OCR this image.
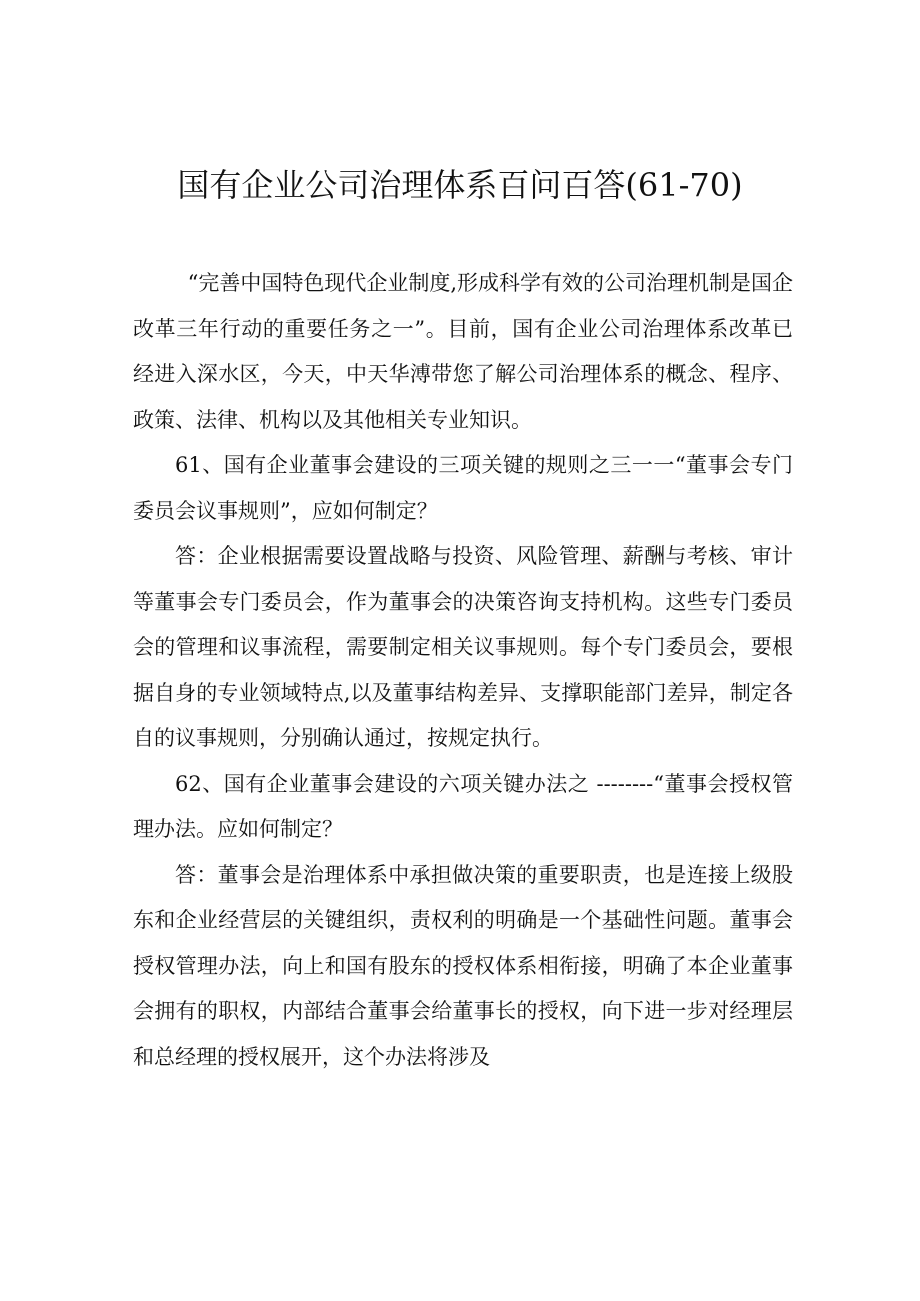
国有企业公司治理体系百问百答(61-70)

“完善中国特色现代企业制度,形成科学有效的公司治理机制是国企改革三年行动的重要任务之一”。目前，国有企业公司治理体系改革已经进入深水区，今天，中天华溥带您了解公司治理体系的概念、程序、政策、法律、机构以及其他相关专业知识。

61、国有企业董事会建设的三项关键的规则之三一一“董事会专门委员会议事规则”，应如何制定？

答：企业根据需要设置战略与投资、风险管理、薪酬与考核、审计等董事会专门委员会，作为董事会的决策咨询支持机构。这些专门委员会的管理和议事流程，需要制定相关议事规则。每个专门委员会，要根据自身的专业领域特点,以及董事结构差异、支撑职能部门差异，制定各自的议事规则，分别确认通过，按规定执行。

62、国有企业董事会建设的六项关键办法之 --------“董事会授权管理办法。应如何制定？

答：董事会是治理体系中承担做决策的重要职责，也是连接上级股东和企业经营层的关键组织，责权利的明确是一个基础性问题。董事会授权管理办法，向上和国有股东的授权体系相衔接，明确了本企业董事会拥有的职权，内部结合董事会给董事长的授权，向下进一步对经理层和总经理的授权展开，这个办法将涉及
